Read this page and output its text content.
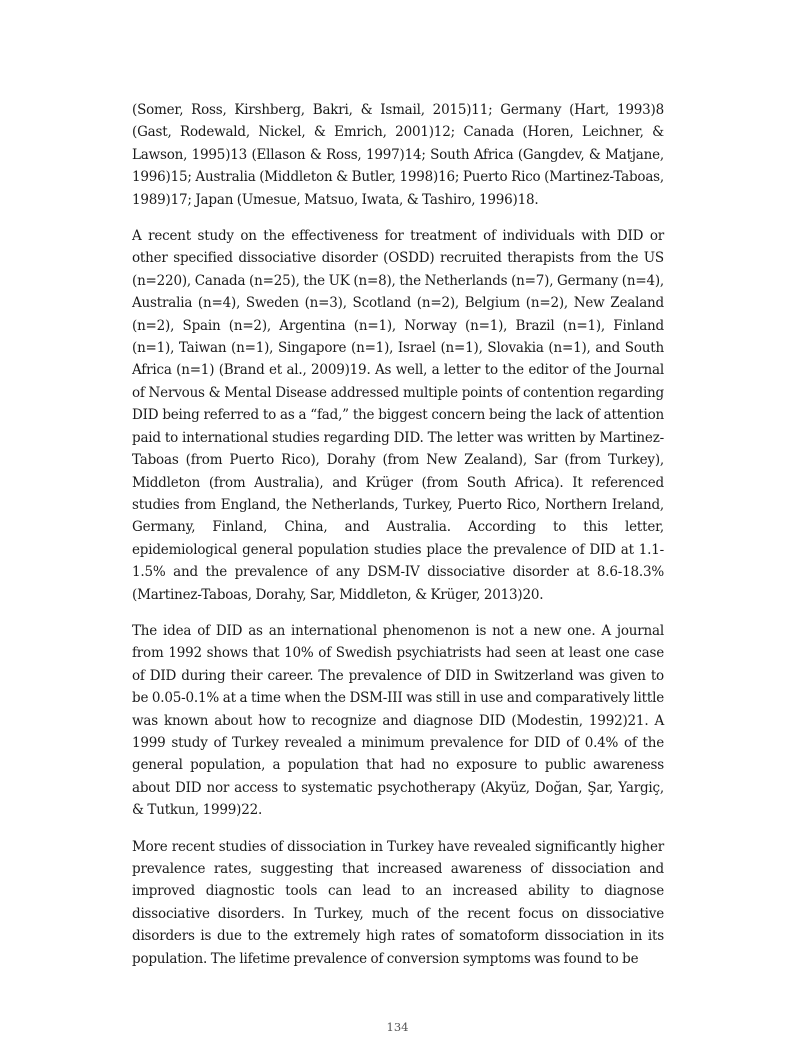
(Somer, Ross, Kirshberg, Bakri, & Ismail, 2015)11; Germany (Hart, 1993)8 (Gast, Rodewald, Nickel, & Emrich, 2001)12; Canada (Horen, Leichner, & Lawson, 1995)13 (Ellason & Ross, 1997)14; South Africa (Gangdev, & Matjane, 1996)15; Australia (Middleton & Butler, 1998)16; Puerto Rico (Martinez-Taboas, 1989)17; Japan (Umesue, Matsuo, Iwata, & Tashiro, 1996)18.

A recent study on the effectiveness for treatment of individuals with DID or other specified dissociative disorder (OSDD) recruited therapists from the US (n=220), Canada (n=25), the UK (n=8), the Netherlands (n=7), Germany (n=4), Australia (n=4), Sweden (n=3), Scotland (n=2), Belgium (n=2), New Zealand (n=2), Spain (n=2), Argentina (n=1), Norway (n=1), Brazil (n=1), Finland (n=1), Taiwan (n=1), Singapore (n=1), Israel (n=1), Slovakia (n=1), and South Africa (n=1) (Brand et al., 2009)19. As well, a letter to the editor of the Journal of Nervous & Mental Disease addressed multiple points of contention regarding DID being referred to as a “fad,” the biggest concern being the lack of attention paid to international studies regarding DID. The letter was written by Martinez-Taboas (from Puerto Rico), Dorahy (from New Zealand), Sar (from Turkey), Middleton (from Australia), and Krüger (from South Africa). It referenced studies from England, the Netherlands, Turkey, Puerto Rico, Northern Ireland, Germany, Finland, China, and Australia. According to this letter, epidemiological general population studies place the prevalence of DID at 1.1-1.5% and the prevalence of any DSM-IV dissociative disorder at 8.6-18.3% (Martinez-Taboas, Dorahy, Sar, Middleton, & Krüger, 2013)20.

The idea of DID as an international phenomenon is not a new one. A journal from 1992 shows that 10% of Swedish psychiatrists had seen at least one case of DID during their career. The prevalence of DID in Switzerland was given to be 0.05-0.1% at a time when the DSM-III was still in use and comparatively little was known about how to recognize and diagnose DID (Modestin, 1992)21. A 1999 study of Turkey revealed a minimum prevalence for DID of 0.4% of the general population, a population that had no exposure to public awareness about DID nor access to systematic psychotherapy (Akyüz, Doğan, Şar, Yargiç, & Tutkun, 1999)22.

More recent studies of dissociation in Turkey have revealed significantly higher prevalence rates, suggesting that increased awareness of dissociation and improved diagnostic tools can lead to an increased ability to diagnose dissociative disorders. In Turkey, much of the recent focus on dissociative disorders is due to the extremely high rates of somatoform dissociation in its population. The lifetime prevalence of conversion symptoms was found to be

134
